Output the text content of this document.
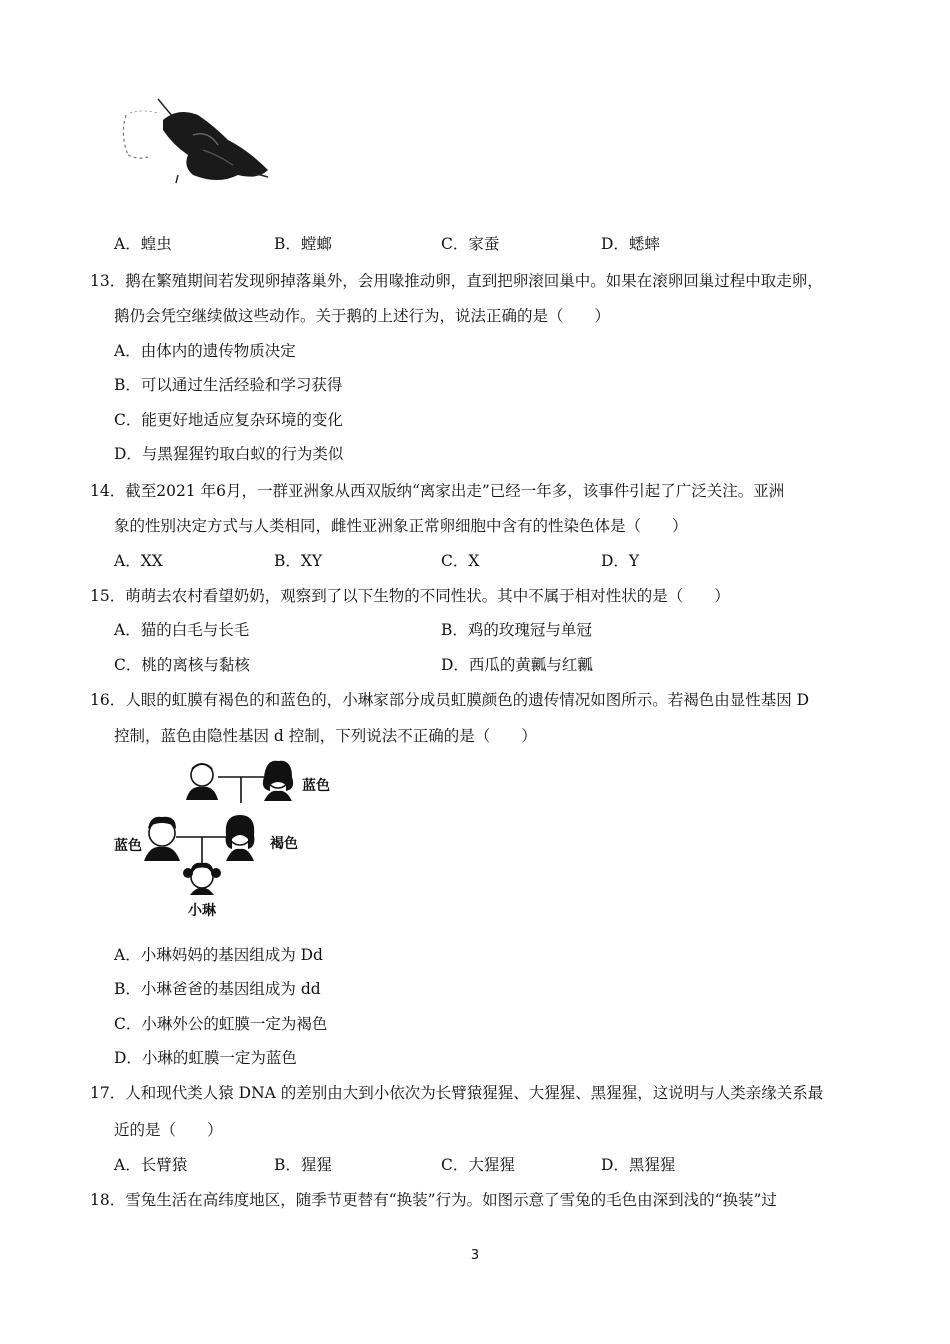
A．蝗虫	B．螳螂	C．家蚕	D．蟋蟀
13．鹅在繁殖期间若发现卵掉落巢外，会用喙推动卵，直到把卵滚回巢中。如果在滚卵回巢过程中取走卵，
鹅仍会凭空继续做这些动作。关于鹅的上述行为，说法正确的是（　　）
A．由体内的遗传物质决定
B．可以通过生活经验和学习获得
C．能更好地适应复杂环境的变化
D．与黑猩猩钓取白蚁的行为类似
14．截至2021 年6月，一群亚洲象从西双版纳“离家出走”已经一年多，该事件引起了广泛关注。亚洲
象的性别决定方式与人类相同，雌性亚洲象正常卵细胞中含有的性染色体是（　　）
A．XX	B．XY	C．X	D．Y
15．萌萌去农村看望奶奶，观察到了以下生物的不同性状。其中不属于相对性状的是（　　）
A．猫的白毛与长毛	B．鸡的玫瑰冠与单冠
C．桃的离核与黏核	D．西瓜的黄瓤与红瓤
16．人眼的虹膜有褐色的和蓝色的，小琳家部分成员虹膜颜色的遗传情况如图所示。若褐色由显性基因 D
控制，蓝色由隐性基因 d 控制，下列说法不正确的是（　　）
蓝色
蓝色	褐色
小琳
A．小琳妈妈的基因组成为 Dd
B．小琳爸爸的基因组成为 dd
C．小琳外公的虹膜一定为褐色
D．小琳的虹膜一定为蓝色
17．人和现代类人猿 DNA 的差别由大到小依次为长臂猿猩猩、大猩猩、黑猩猩，这说明与人类亲缘关系最
近的是（　　）
A．长臂猿	B．猩猩	C．大猩猩	D．黑猩猩
18．雪兔生活在高纬度地区，随季节更替有“换装”行为。如图示意了雪兔的毛色由深到浅的“换装”过
3
